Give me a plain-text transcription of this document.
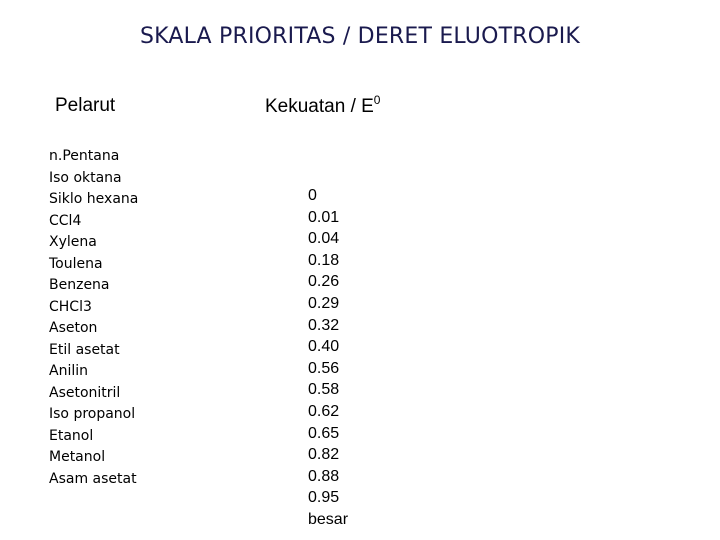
SKALA PRIORITAS / DERET ELUOTROPIK
Pelarut	Kekuatan / $E^0$
n.Pentana
Iso oktana
Siklo hexana
CCl4
Xylena
Toulena
Benzena
CHCl3
Aseton
Etil asetat
Anilin
Asetonitril
Iso propanol
Etanol
Metanol
Asam asetat
0
0.01
0.04
0.18
0.26
0.29
0.32
0.40
0.56
0.58
0.62
0.65
0.82
0.88
0.95
besar
